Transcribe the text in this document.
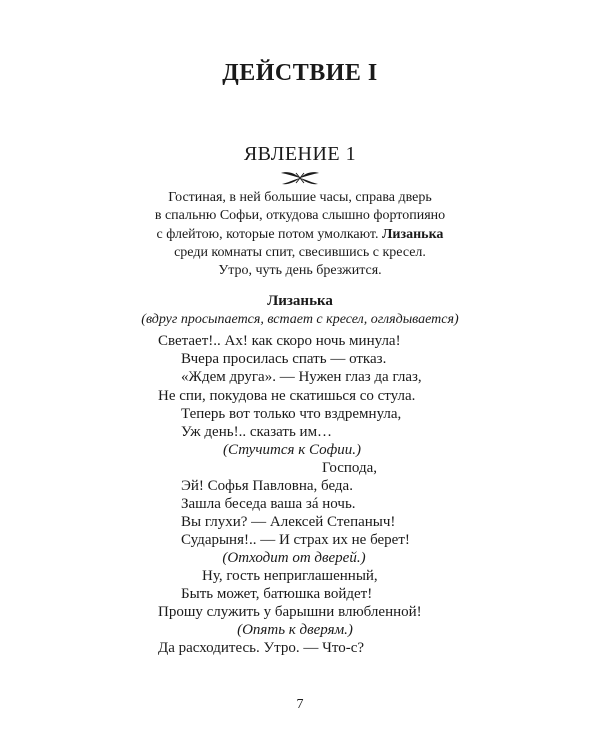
ДЕЙСТВИЕ I
ЯВЛЕНИЕ 1
Гостиная, в ней большие часы, справа дверь
в спальню Софьи, откудова слышно фортопияно
с флейтою, которые потом умолкают. Лизанька
среди комнаты спит, свесившись с кресел.
Утро, чуть день брезжится.
Лизанька
(вдруг просыпается, встает с кресел, оглядывается)
Светает!.. Ах! как скоро ночь минула!
Вчера просилась спать — отказ.
«Ждем друга». — Нужен глаз да глаз,
Не спи, покудова не скатишься со стула.
Теперь вот только что вздремнула,
Уж день!.. сказать им…
(Стучится к Софии.)
Господа,
Эй! Софья Павловна, беда.
Зашла беседа ваша зá ночь.
Вы глухи? — Алексей Степаныч!
Сударыня!.. — И страх их не берет!
(Отходит от дверей.)
Ну, гость неприглашенный,
Быть может, батюшка войдет!
Прошу служить у барышни влюбленной!
(Опять к дверям.)
Да расходитесь. Утро. — Что-с?
7
